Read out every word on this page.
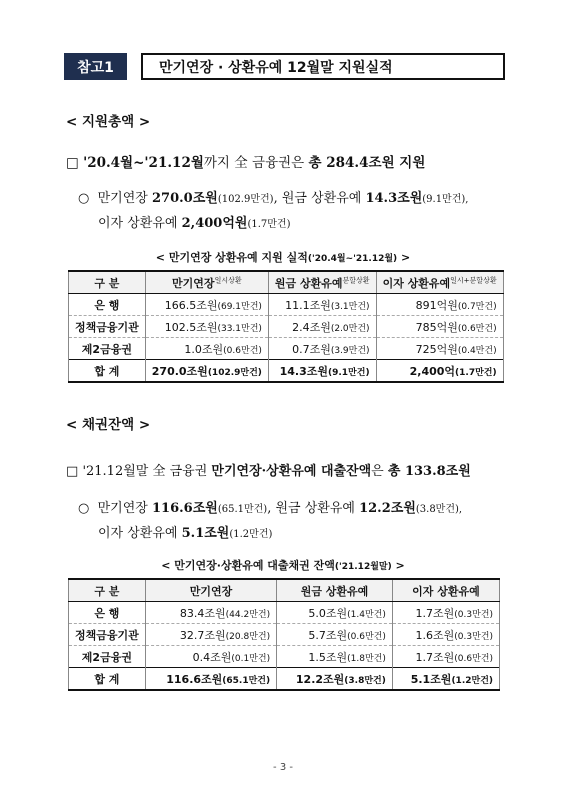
참고1	만기연장 · 상환유예 12월말 지원실적
< 지원총액 >
□ '20.4월~'21.12월까지 全 금융권은 총 284.4조원 지원
○ 만기연장 270.0조원(102.9만건), 원금 상환유예 14.3조원(9.1만건),
이자 상환유예 2,400억원(1.7만건)
< 만기연장 상환유예 지원 실적('20.4월~'21.12월) >
구 분	만기연장$^{일시상환}$	원금 상환유예$^{분할상환}$	이자 상환유예$^{일시+분할상환}$
은 행	166.5조원(69.1만건)	11.1조원(3.1만건)	891억원(0.7만건)
정책금융기관	102.5조원(33.1만건)	2.4조원(2.0만건)	785억원(0.6만건)
제2금융권	1.0조원(0.6만건)	0.7조원(3.9만건)	725억원(0.4만건)
합 계	270.0조원(102.9만건)	14.3조원(9.1만건)	2,400억(1.7만건)
< 채권잔액 >
□ '21.12월말 全 금융권 만기연장·상환유예 대출잔액은 총 133.8조원
○ 만기연장 116.6조원(65.1만건), 원금 상환유예 12.2조원(3.8만건),
이자 상환유예 5.1조원(1.2만건)
< 만기연장·상환유예 대출채권 잔액('21.12월말) >
구 분	만기연장	원금 상환유예	이자 상환유예
은 행	83.4조원(44.2만건)	5.0조원(1.4만건)	1.7조원(0.3만건)
정책금융기관	32.7조원(20.8만건)	5.7조원(0.6만건)	1.6조원(0.3만건)
제2금융권	0.4조원(0.1만건)	1.5조원(1.8만건)	1.7조원(0.6만건)
합 계	116.6조원(65.1만건)	12.2조원(3.8만건)	5.1조원(1.2만건)
- 3 -
